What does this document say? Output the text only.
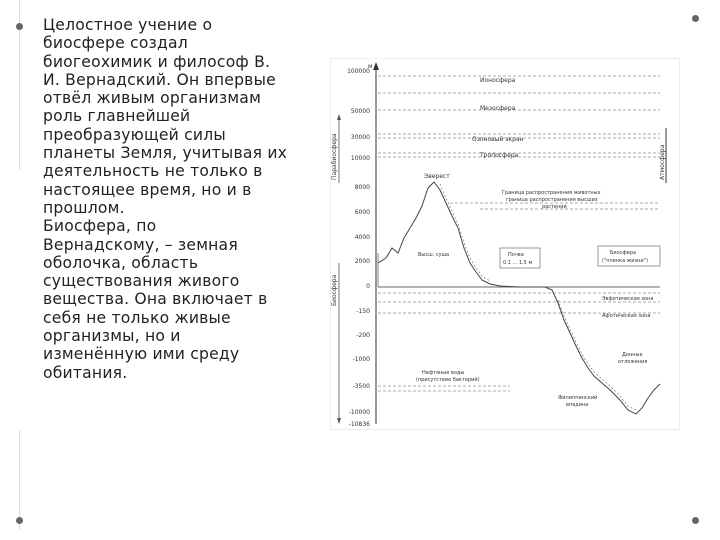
Целостное учение о
биосфере создал
биогеохимик и философ В.
И. Вернадский. Он впервые
отвёл живым организмам
роль главнейшей
преобразующей силы
планеты Земля, учитывая их
деятельность не только в
настоящее время, но и в
прошлом.
Биосфера, по
Вернадскому, – земная
оболочка, область
существования живого
вещества. Она включает в
себя не только живые
организмы, но и
изменённую ими среду
обитания.
м
100000
50000
30000
10000
8000
6000
4000
2000
0
-150
-200
-1000
-3500
-10000
-10836
Парабиосфера
Биосфера
Атмосфера
Ионосфера
Мезосфера
Озоновый экран
Тропосфера
Эверест
Граница распространения животных
граница распространения высших
растений
Высш. суша	Почва
0,1 ... 1,5 м
Биосфера
("пленка жизни")
Эвфотическая зона
Афотическая зона
Нефтяные воды
(присутствие бактерий)
Донные
отложения
Филиппинский
впадина
